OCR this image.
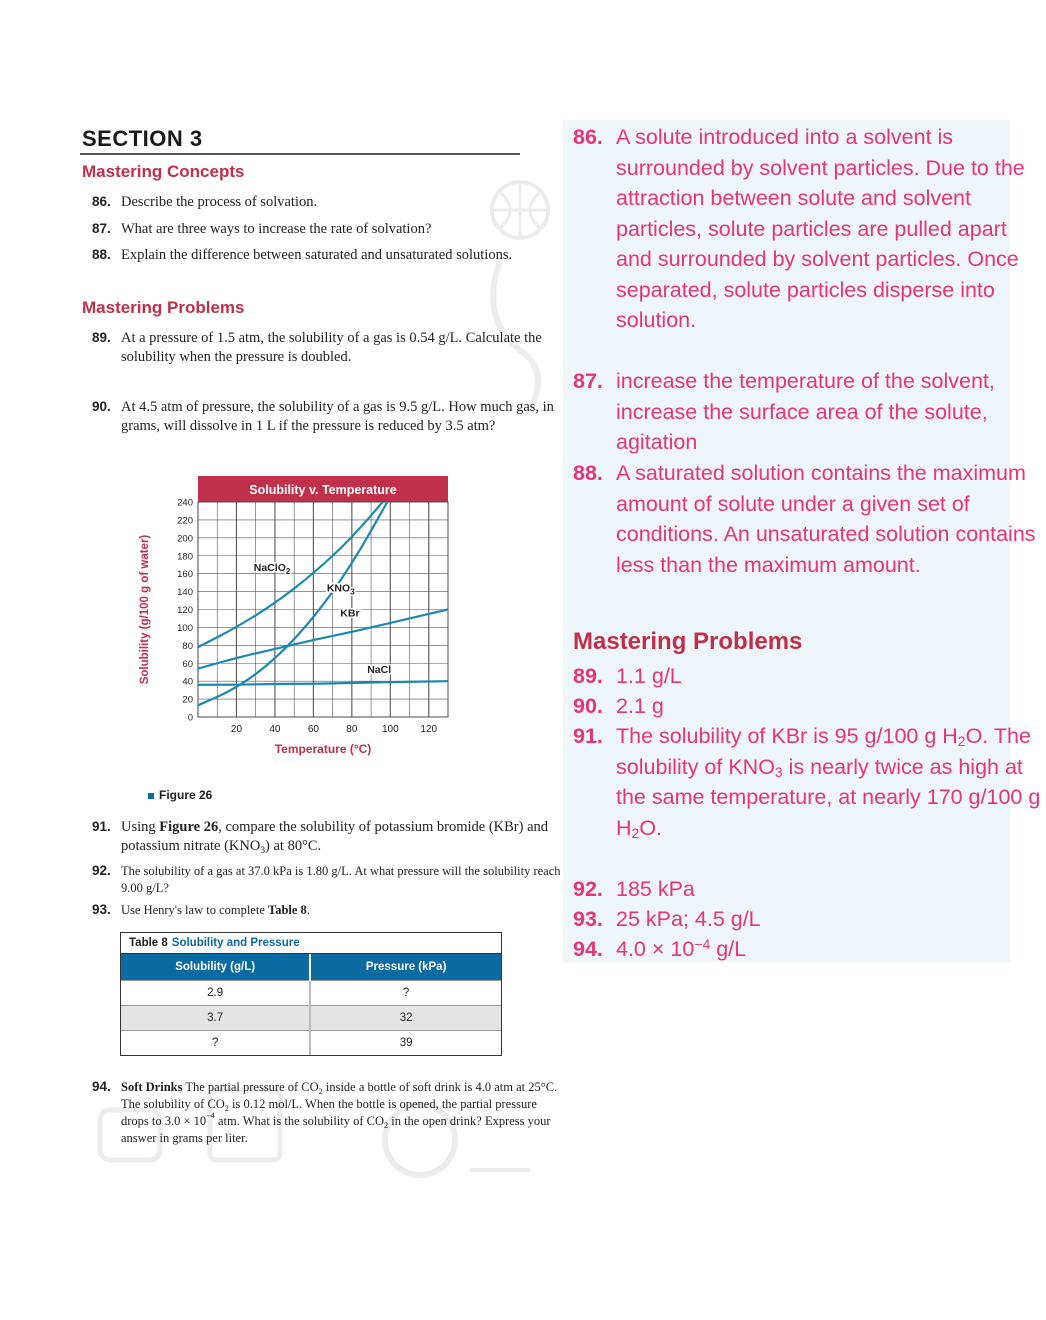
SECTION 3
Mastering Concepts
86. Describe the process of solvation.
87. What are three ways to increase the rate of solvation?
88. Explain the difference between saturated and unsaturated solutions.
Mastering Problems
89. At a pressure of 1.5 atm, the solubility of a gas is 0.54 g/L. Calculate the solubility when the pressure is doubled.
90. At 4.5 atm of pressure, the solubility of a gas is 9.5 g/L. How much gas, in grams, will dissolve in 1 L if the pressure is reduced by 3.5 atm?
Solubility v. Temperature
0
20
40
60
80
100
120
140
160
180
200
220
240
20	40	60	80 100 120
Temperature (°C)
Solubility (g/100 g of water)	NaClO$_2$
$KNO_3$
KBr
NaCl
Figure 26
91. Using Figure 26, compare the solubility of potassium bromide (KBr) and potassium nitrate $(KNO_3)$ at 80°C.
92. The solubility of a gas at 37.0 kPa is 1.80 g/L. At what pressure will the solubility reach 9.00 g/L?
93. Use Henry's law to complete Table 8.
Table 8 Solubility and Pressure
Solubility (g/L)	Pressure (kPa)
2.9	?
3.7	32
?	39
94. Soft Drinks The partial pressure of $CO_2$ inside a bottle of soft drink is 4.0 atm at 25°C. The solubility of $CO_2$ is 0.12 mol/L. When the bottle is opened, the partial pressure drops to $3.0 \times 10^{-4}$ atm. What is the solubility of $CO_2$ in the open drink? Express your answer in grams per liter.
86. A solute introduced into a solvent is surrounded by solvent particles. Due to the attraction between solute and solvent particles, solute particles are pulled apart and surrounded by solvent particles. Once separated, solute particles disperse into solution.
87. increase the temperature of the solvent, increase the surface area of the solute, agitation
88. A saturated solution contains the maximum amount of solute under a given set of conditions. An unsaturated solution contains less than the maximum amount.
Mastering Problems
89. 1.1 g/L
90. 2.1 g
91. The solubility of KBr is 95 g/100 g $H_2O$. The solubility of $KNO_3$ is nearly twice as high at the same temperature, at nearly 170 g/100 g $H_2O$.
92. 185 kPa
93. 25 kPa; 4.5 g/L
94. $4.0 \times 10^{-4}$ g/L
